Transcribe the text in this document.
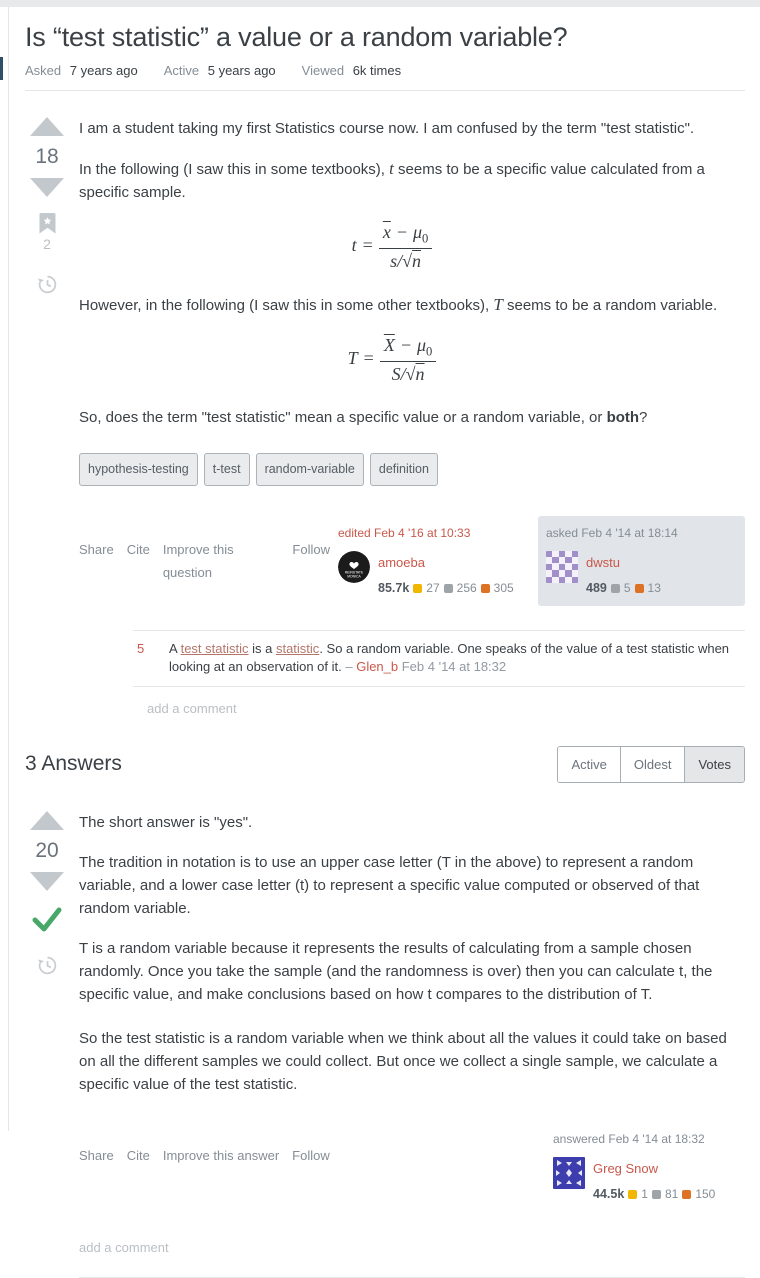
Is “test statistic” a value or a random variable?
Asked 7 years ago Active 5 years ago Viewed 6k times
18
2

I am a student taking my first Statistics course now. I am confused by the term "test statistic".

In the following (I saw this in some textbooks), t seems to be a specific value calculated from a specific sample.

$t = \frac{\overline{x} - \mu_0}{s/√n}$

However, in the following (I saw this in some other textbooks), T seems to be a random variable.

$T = \frac{\overline{X} - \mu_0}{S/√n}$

So, does the term "test statistic" mean a specific value or a random variable, or both?

hypothesis-testing	t-test	random-variable	definition
Share Cite Improve this question
Follow
edited Feb 4 '16 at 10:33
REINSTATE
MONICA
amoeba
85.7k 27 256 305
asked Feb 4 '14 at 18:14
dwstu
489 5 13
5	A test statistic is a statistic. So a random variable. One speaks of the value of a test statistic when looking at an observation of it. – Glen_b Feb 4 '14 at 18:32
add a comment
3 Answers	Active	Oldest	Votes
20

The short answer is "yes".

The tradition in notation is to use an upper case letter (T in the above) to represent a random variable, and a lower case letter (t) to represent a specific value computed or observed of that random variable.

T is a random variable because it represents the results of calculating from a sample chosen randomly. Once you take the sample (and the randomness is over) then you can calculate t, the specific value, and make conclusions based on how t compares to the distribution of T.

So the test statistic is a random variable when we think about all the values it could take on based on all the different samples we could collect. But once we collect a single sample, we calculate a specific value of the test statistic.

Share Cite Improve this answer Follow
answered Feb 4 '14 at 18:32
Greg Snow
44.5k 1 81 150
add a comment
